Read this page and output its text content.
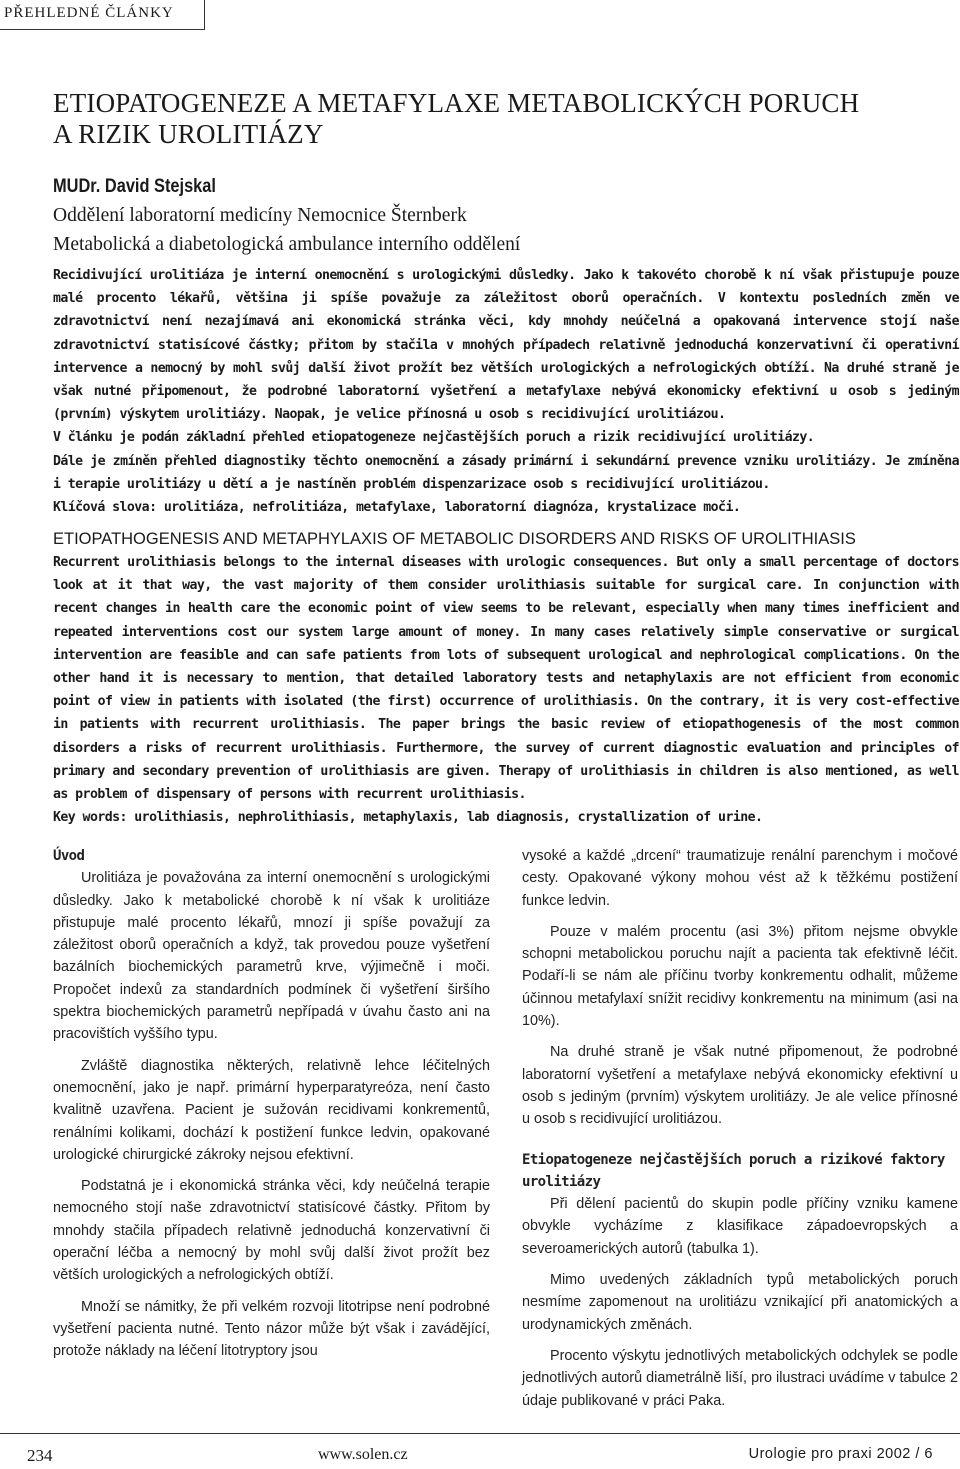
PŘEHLEDNÉ ČLÁNKY
ETIOPATOGENEZE A METAFYLAXE METABOLICKÝCH PORUCH
A RIZIK UROLITIÁZY
MUDr. David Stejskal
Oddělení laboratorní medicíny Nemocnice Šternberk
Metabolická a diabetologická ambulance interního oddělení

Recidivující urolitiáza je interní onemocnění s urologickými důsledky. Jako k takovéto chorobě k ní však přistupuje pouze malé procento lékařů, většina ji spíše považuje za záležitost oborů operačních. V kontextu posledních změn ve zdravotnictví není nezajímavá ani ekonomická stránka věci, kdy mnohdy neúčelná a opakovaná intervence stojí naše zdravotnictví statisícové částky; přitom by stačila v mnohých případech relativně jednoduchá konzervativní či operativní intervence a nemocný by mohl svůj další život prožít bez větších urologických a nefrologických obtíží. Na druhé straně je však nutné připomenout, že podrobné laboratorní vyšetření a metafylaxe nebývá ekonomicky efektivní u osob s jediným (prvním) výskytem urolitiázy. Naopak, je velice přínosná u osob s recidivující urolitiázou.

V článku je podán základní přehled etiopatogeneze nejčastějších poruch a rizik recidivující urolitiázy.

Dále je zmíněn přehled diagnostiky těchto onemocnění a zásady primární i sekundární prevence vzniku urolitiázy. Je zmíněna i terapie urolitiázy u dětí a je nastíněn problém dispenzarizace osob s recidivující urolitiázou.

Klíčová slova: urolitiáza, nefrolitiáza, metafylaxe, laboratorní diagnóza, krystalizace moči.

ETIOPATHOGENESIS AND METAPHYLAXIS OF METABOLIC DISORDERS AND RISKS OF UROLITHIASIS

Recurrent urolithiasis belongs to the internal diseases with urologic consequences. But only a small percentage of doctors look at it that way, the vast majority of them consider urolithiasis suitable for surgical care. In conjunction with recent changes in health care the economic point of view seems to be relevant, especially when many times inefficient and repeated interventions cost our system large amount of money. In many cases relatively simple conservative or surgical intervention are feasible and can safe patients from lots of subsequent urological and nephrological complications. On the other hand it is necessary to mention, that detailed laboratory tests and netaphylaxis are not efficient from economic point of view in patients with isolated (the first) occurrence of urolithiasis. On the contrary, it is very cost-effective in patients with recurrent urolithiasis. The paper brings the basic review of etiopathogenesis of the most common disorders a risks of recurrent urolithiasis. Furthermore, the survey of current diagnostic evaluation and principles of primary and secondary prevention of urolithiasis are given. Therapy of urolithiasis in children is also mentioned, as well as problem of dispensary of persons with recurrent urolithiasis.

Key words: urolithiasis, nephrolithiasis, metaphylaxis, lab diagnosis, crystallization of urine.

Úvod

Urolitiáza je považována za interní onemocnění s urologickými důsledky. Jako k metabolické chorobě k ní však k urolitiáze přistupuje malé procento lékařů, mnozí ji spíše považují za záležitost oborů operačních a když, tak provedou pouze vyšetření bazálních biochemických parametrů krve, výjimečně i moči. Propočet indexů za standardních podmínek či vyšetření širšího spektra biochemických parametrů nepřípadá v úvahu často ani na pracovištích vyššího typu.

Zvláště diagnostika některých, relativně lehce léčitelných onemocnění, jako je např. primární hyperparatyreóza, není často kvalitně uzavřena. Pacient je sužován recidivami konkrementů, renálními kolikami, dochází k postižení funkce ledvin, opakované urologické chirurgické zákroky nejsou efektivní.

Podstatná je i ekonomická stránka věci, kdy neúčelná terapie nemocného stojí naše zdravotnictví statisícové částky. Přitom by mnohdy stačila případech relativně jednoduchá konzervativní či operační léčba a nemocný by mohl svůj další život prožít bez větších urologických a nefrologických obtíží.

Množí se námitky, že při velkém rozvoji litotripse není podrobné vyšetření pacienta nutné. Tento názor může být však i zavádějící, protože náklady na léčení litotryptory jsou

vysoké a každé „drcení“ traumatizuje renální parenchym i močové cesty. Opakované výkony mohou vést až k těžkému postižení funkce ledvin.

Pouze v malém procentu (asi 3%) přitom nejsme obvykle schopni metabolickou poruchu najít a pacienta tak efektivně léčit. Podaří-li se nám ale příčinu tvorby konkrementu odhalit, můžeme účinnou metafylaxí snížit recidivy konkrementu na minimum (asi na 10%).

Na druhé straně je však nutné připomenout, že podrobné laboratorní vyšetření a metafylaxe nebývá ekonomicky efektivní u osob s jediným (prvním) výskytem urolitiázy. Je ale velice přínosné u osob s recidivující urolitiázou.

Etiopatogeneze nejčastějších poruch a rizikové faktory urolitiázy

Při dělení pacientů do skupin podle příčiny vzniku kamene obvykle vycházíme z klasifikace západoevropských a severoamerických autorů (tabulka 1).

Mimo uvedených základních typů metabolických poruch nesmíme zapomenout na urolitiázu vznikající při anatomických a urodynamických změnách.

Procento výskytu jednotlivých metabolických odchylek se podle jednotlivých autorů diametrálně liší, pro ilustraci uvádíme v tabulce 2 údaje publikované v práci Paka.

234	www.solen.cz	Urologie pro praxi 2002 / 6
